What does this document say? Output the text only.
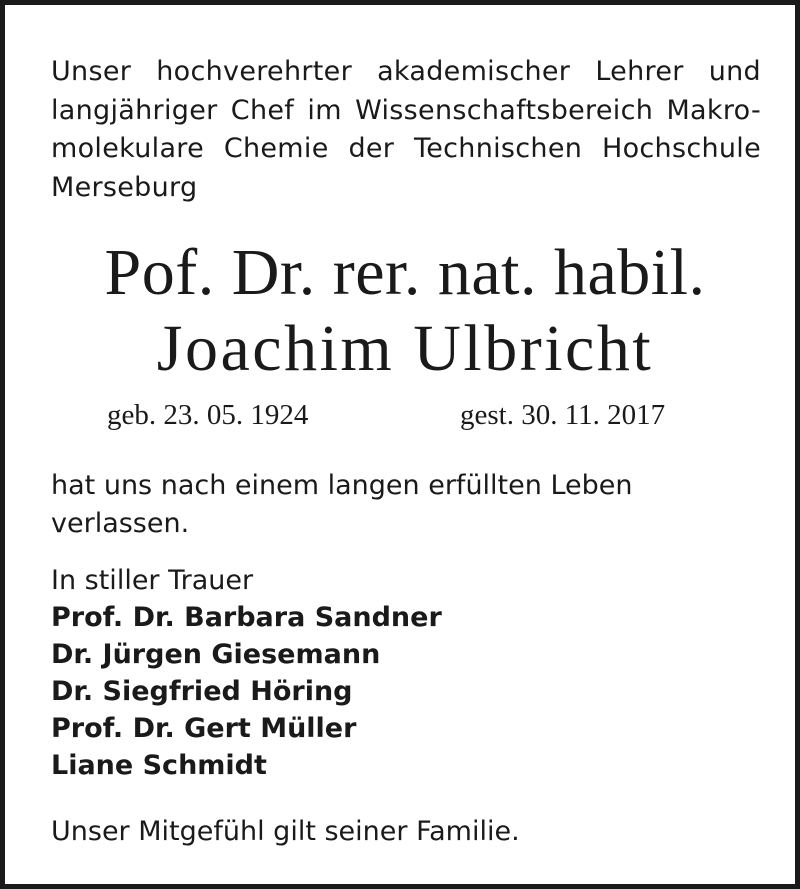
Unser hochverehrter akademischer Lehrer und
langjähriger Chef im Wissenschaftsbereich Makro-
molekulare Chemie der Technischen Hochschule
Merseburg
Pof. Dr. rer. nat. habil.
Joachim Ulbricht
geb. 23. 05. 1924	gest. 30. 11. 2017
hat uns nach einem langen erfüllten Leben
verlassen.
In stiller Trauer
Prof. Dr. Barbara Sandner
Dr. Jürgen Giesemann
Dr. Siegfried Höring
Prof. Dr. Gert Müller
Liane Schmidt
Unser Mitgefühl gilt seiner Familie.
